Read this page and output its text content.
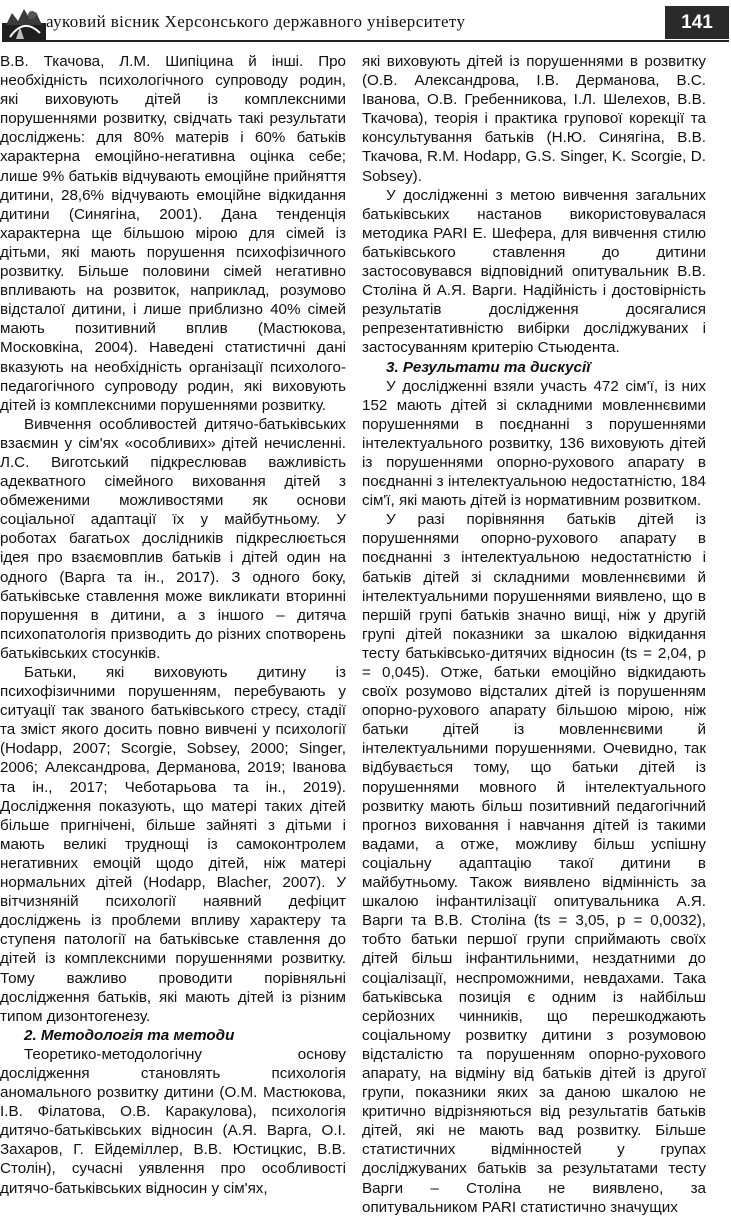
ауковий вісник Херсонського державного університету	141

В.В. Ткачова, Л.М. Шипіцина й інші. Про необхідність психологічного супроводу родин, які виховують дітей із комплексними порушеннями розвитку, свідчать такі результати досліджень: для 80% матерів і 60% батьків характерна емоційно-негативна оцінка себе; лише 9% батьків відчувають емоційне прийняття дитини, 28,6% відчувають емоційне відкидання дитини (Синягіна, 2001). Дана тенденція характерна ще більшою мірою для сімей із дітьми, які мають порушення психофізичного розвитку. Більше половини сімей негативно впливають на розвиток, наприклад, розумово відсталої дитини, і лише приблизно 40% сімей мають позитивний вплив (Мастюкова, Московкіна, 2004). Наведені статистичні дані вказують на необхідність організації психолого-педагогічного супроводу родин, які виховують дітей із комплексними порушеннями розвитку.

Вивчення особливостей дитячо-батьківських взаємин у сім'ях «особливих» дітей нечисленні. Л.С. Виготський підкреслював важливість адекватного сімейного виховання дітей з обмеженими можливостями як основи соціальної адаптації їх у майбутньому. У роботах багатьох дослідників підкреслюється ідея про взаємовплив батьків і дітей один на одного (Варга та ін., 2017). З одного боку, батьківське ставлення може викликати вторинні порушення в дитини, а з іншого – дитяча психопатологія призводить до різних спотворень батьківських стосунків.

Батьки, які виховують дитину із психофізичними порушенням, перебувають у ситуації так званого батьківського стресу, стадії та зміст якого досить повно вивчені у психології (Hodapp, 2007; Scorgie, Sobsey, 2000; Singer, 2006; Александрова, Дерманова, 2019; Іванова та ін., 2017; Чеботарьова та ін., 2019). Дослідження показують, що матері таких дітей більше пригнічені, більше зайняті з дітьми і мають великі труднощі із самоконтролем негативних емоцій щодо дітей, ніж матері нормальних дітей (Hodapp, Blacher, 2007). У вітчизняній психології наявний дефіцит досліджень із проблеми впливу характеру та ступеня патології на батьківське ставлення до дітей із комплексними порушеннями розвитку. Тому важливо проводити порівняльні дослідження батьків, які мають дітей із різним типом дизонтогенезу.

2. Методологія та методи

Теоретико-методологічну основу дослідження становлять психологія аномального розвитку дитини (О.М. Мастюкова, І.В. Філатова, О.В. Каракулова), психологія дитячо-батьківських відносин (А.Я. Варга, О.І. Захаров, Г. Ейдеміллер, В.В. Юстицкис, В.В. Столін), сучасні уявлення про особливості дитячо-батьківських відносин у сім'ях,

які виховують дітей із порушеннями в розвитку (О.В. Александрова, І.В. Дерманова, В.С. Іванова, О.В. Гребенникова, І.Л. Шелехов, В.В. Ткачова), теорія і практика групової корекції та консультування батьків (Н.Ю. Синягіна, В.В. Ткачова, R.M. Hodapp, G.S. Singer, K. Scorgie, D. Sobsey).

У дослідженні з метою вивчення загальних батьківських настанов використовувалася методика PARI Е. Шефера, для вивчення стилю батьківського ставлення до дитини застосовувався відповідний опитувальник В.В. Століна й А.Я. Варги. Надійність і достовірність результатів дослідження досягалися репрезентативністю вибірки досліджуваних і застосуванням критерію Стьюдента.

3. Результати та дискусії

У дослідженні взяли участь 472 сім'ї, із них 152 мають дітей зі складними мовленнєвими порушеннями в поєднанні з порушеннями інтелектуального розвитку, 136 виховують дітей із порушеннями опорно-рухового апарату в поєднанні з інтелектуальною недостатністю, 184 сім'ї, які мають дітей із нормативним розвитком.

У разі порівняння батьків дітей із порушеннями опорно-рухового апарату в поєднанні з інтелектуальною недостатністю і батьків дітей зі складними мовленнєвими й інтелектуальними порушеннями виявлено, що в першій групі батьків значно вищі, ніж у другій групі дітей показники за шкалою відкидання тесту батьківсько-дитячих відносин (ts = 2,04, p = 0,045). Отже, батьки емоційно відкидають своїх розумово відсталих дітей із порушенням опорно-рухового апарату більшою мірою, ніж батьки дітей із мовленнєвими й інтелектуальними порушеннями. Очевидно, так відбувається тому, що батьки дітей із порушеннями мовного й інтелектуального розвитку мають більш позитивний педагогічний прогноз виховання і навчання дітей із такими вадами, а отже, можливу більш успішну соціальну адаптацію такої дитини в майбутньому. Також виявлено відмінність за шкалою інфантилізації опитувальника А.Я. Варги та В.В. Століна (ts = 3,05, p = 0,0032), тобто батьки першої групи сприймають своїх дітей більш інфантильними, нездатними до соціалізації, неспроможними, невдахами. Така батьківська позиція є одним із найбільш серйозних чинників, що перешкоджають соціальному розвитку дитини з розумовою відсталістю та порушенням опорно-рухового апарату, на відміну від батьків дітей із другої групи, показники яких за даною шкалою не критично відрізняються від результатів батьків дітей, які не мають вад розвитку. Більше статистичних відмінностей у групах досліджуваних батьків за результатами тесту Варги – Століна не виявлено, за опитувальником PARI статистично значущих
